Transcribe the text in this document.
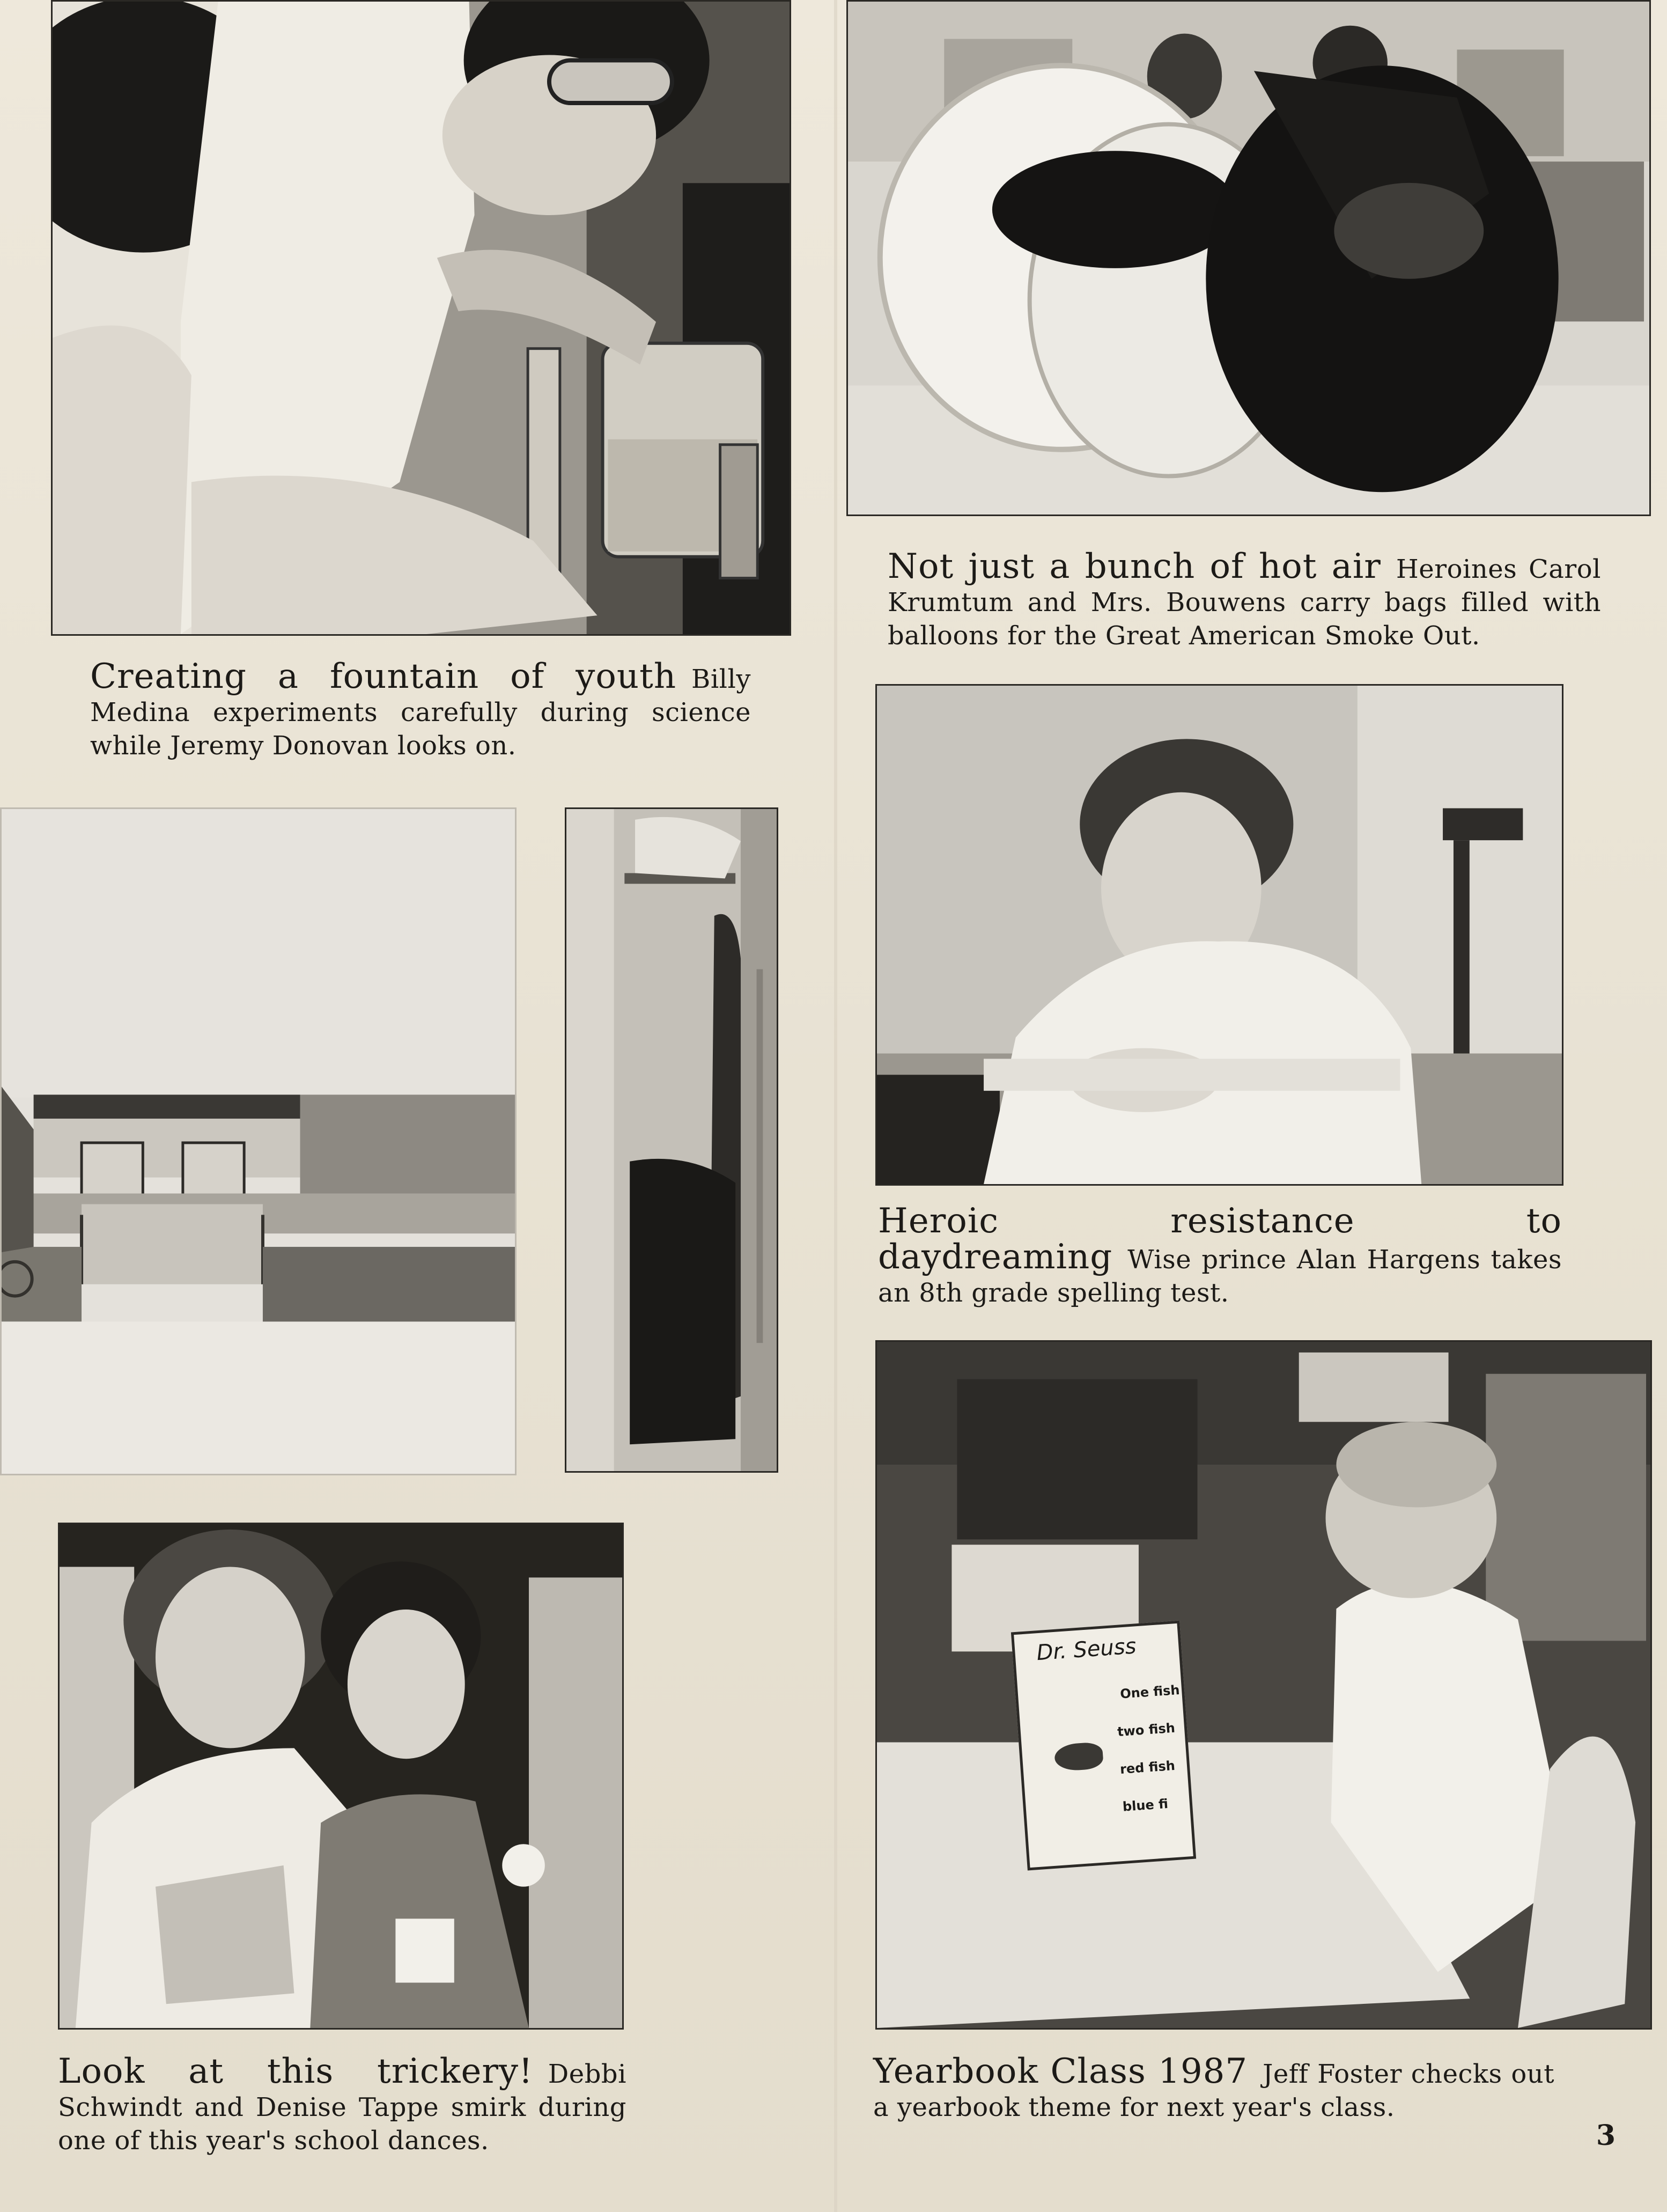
Creating a fountain of youth Billy Medina experiments carefully during science while Jeremy Donovan looks on.
Not just a bunch of hot air Heroines Carol Krumtum and Mrs. Bouwens carry bags filled with balloons for the Great American Smoke Out.
Heroic resistance to daydreaming Wise prince Alan Hargens takes an 8th grade spelling test.
Look at this trickery! Debbi Schwindt and Denise Tappe smirk during one of this year's school dances.
Dr. Seuss
One fish
two fish
red fish
blue fi
Yearbook Class 1987 Jeff Foster checks out a yearbook theme for next year's class.
3
